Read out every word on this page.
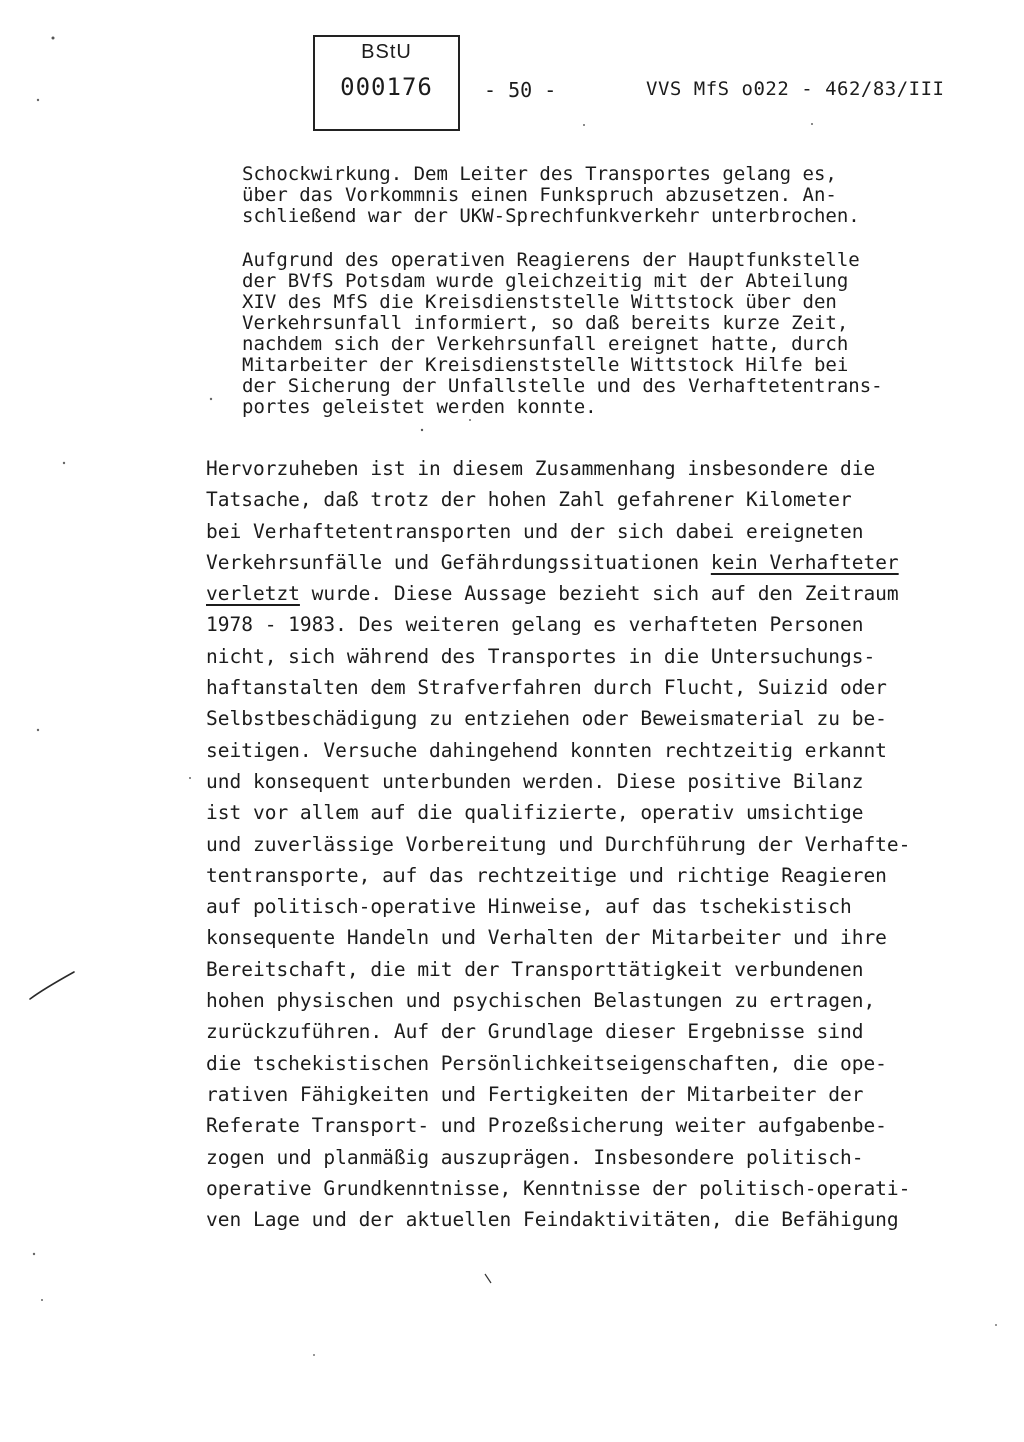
BStU
000176	- 50 -	VVS MfS o022 - 462/83/III
Schockwirkung. Dem Leiter des Transportes gelang es,
über das Vorkommnis einen Funkspruch abzusetzen. An-
schließend war der UKW-Sprechfunkverkehr unterbrochen.
Aufgrund des operativen Reagierens der Hauptfunkstelle
der BVfS Potsdam wurde gleichzeitig mit der Abteilung
XIV des MfS die Kreisdienststelle Wittstock über den
Verkehrsunfall informiert, so daß bereits kurze Zeit,
nachdem sich der Verkehrsunfall ereignet hatte, durch
Mitarbeiter der Kreisdienststelle Wittstock Hilfe bei
der Sicherung der Unfallstelle und des Verhaftetentrans-
portes geleistet werden konnte.
Hervorzuheben ist in diesem Zusammenhang insbesondere die
Tatsache, daß trotz der hohen Zahl gefahrener Kilometer
bei Verhaftetentransporten und der sich dabei ereigneten
Verkehrsunfälle und Gefährdungssituationen kein Verhafteter
verletzt wurde. Diese Aussage bezieht sich auf den Zeitraum
1978 - 1983. Des weiteren gelang es verhafteten Personen
nicht, sich während des Transportes in die Untersuchungs-
haftanstalten dem Strafverfahren durch Flucht, Suizid oder
Selbstbeschädigung zu entziehen oder Beweismaterial zu be-
seitigen. Versuche dahingehend konnten rechtzeitig erkannt
und konsequent unterbunden werden. Diese positive Bilanz
ist vor allem auf die qualifizierte, operativ umsichtige
und zuverlässige Vorbereitung und Durchführung der Verhafte-
tentransporte, auf das rechtzeitige und richtige Reagieren
auf politisch-operative Hinweise, auf das tschekistisch
konsequente Handeln und Verhalten der Mitarbeiter und ihre
Bereitschaft, die mit der Transporttätigkeit verbundenen
hohen physischen und psychischen Belastungen zu ertragen,
zurückzuführen. Auf der Grundlage dieser Ergebnisse sind
die tschekistischen Persönlichkeitseigenschaften, die ope-
rativen Fähigkeiten und Fertigkeiten der Mitarbeiter der
Referate Transport- und Prozeßsicherung weiter aufgabenbe-
zogen und planmäßig auszuprägen. Insbesondere politisch-
operative Grundkenntnisse, Kenntnisse der politisch-operati-
ven Lage und der aktuellen Feindaktivitäten, die Befähigung
